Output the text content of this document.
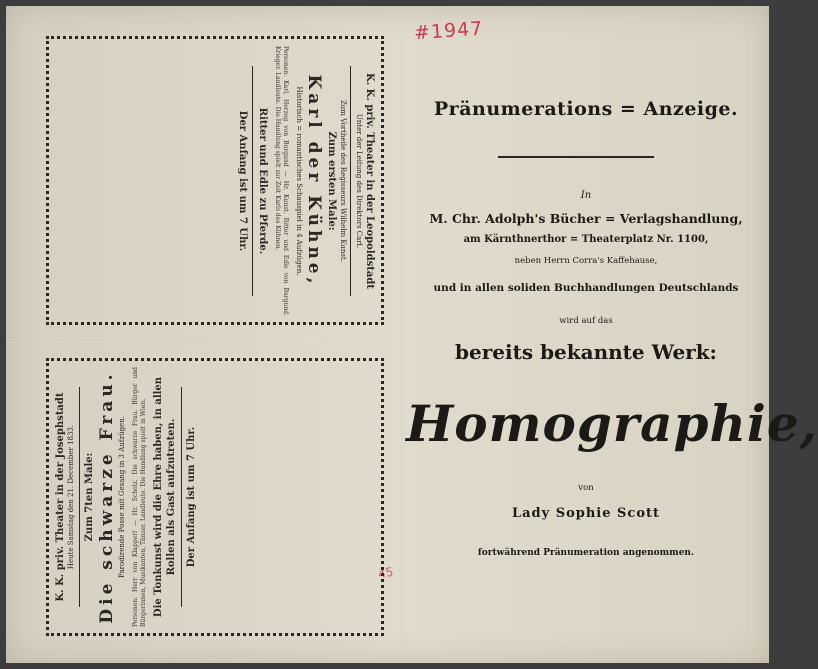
#1947
45

K. K. priv. Theater in der Leopoldstadt

Unter der Leitung des Direktors Carl.

Zum Vortheile des Regisseurs Wilhelm Kunst.

Zum ersten Male:

Karl der Kühne,

Historisch = romantisches Schauspiel in 4 Aufzügen.

Personen: Karl, Herzog von Burgund — Hr. Kunst. Ritter und Edle von Burgund. Krieger. Landleute. Die Handlung spielt zur Zeit Karls des Kühnen.

Ritter und Edle zu Pferde.

Der Anfang ist um 7 Uhr.

K. K. priv. Theater in der Josephstadt Heute Samstag den 21. December 1833. Zum 7ten Male: Die schwarze Frau. Parodirende Posse mit Gesang in 3 Aufzügen. Personen: Herr von Klapperl — Hr. Scholz. Die schwarze Frau. Bürger und Bürgerinnen, Musikanten, Tänzer, Landleute. Die Handlung spielt in Wien. Die Tonkunst wird die Ehre haben, in allen Rollen als Gast aufzutreten. Der Anfang ist um 7 Uhr.

Pränumerations = Anzeige.
In
M. Chr. Adolph's Bücher = Verlagshandlung,
am Kärnthnerthor = Theaterplatz Nr. 1100,
neben Herrn Corra's Kaffehause,
und in allen soliden Buchhandlungen Deutschlands
wird auf das
bereits bekannte Werk:
Homographie,
von
Lady Sophie Scott
fortwährend Pränumeration angenommen.
